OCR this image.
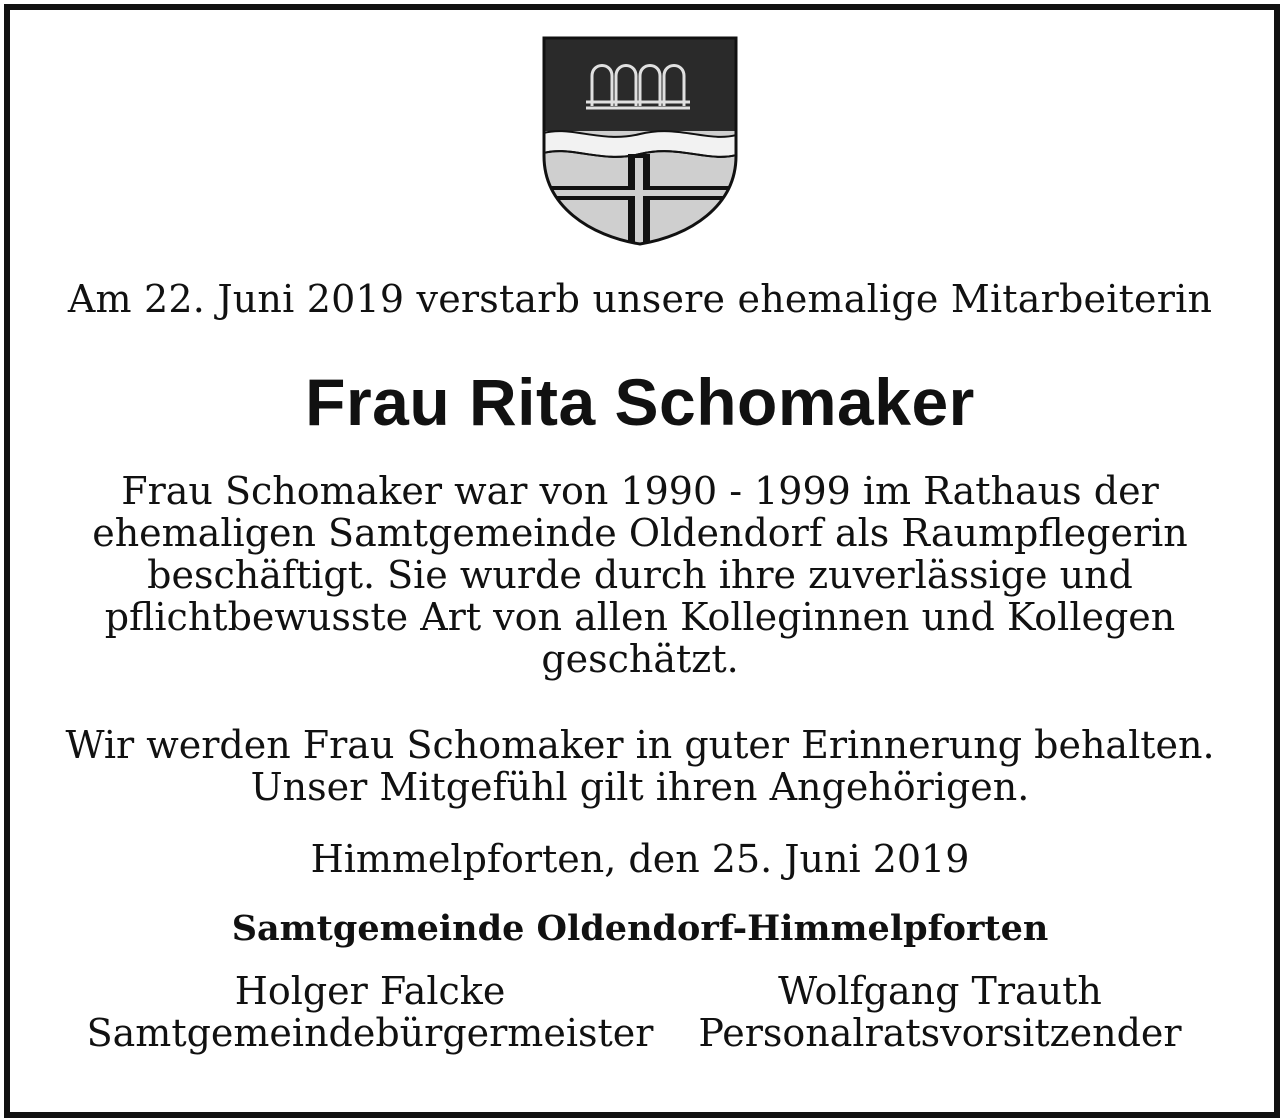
Am 22. Juni 2019 verstarb unsere ehemalige Mitarbeiterin
Frau Rita Schomaker
Frau Schomaker war von 1990 - 1999 im Rathaus der
ehemaligen Samtgemeinde Oldendorf als Raumpflegerin
beschäftigt. Sie wurde durch ihre zuverlässige und
pflichtbewusste Art von allen Kolleginnen und Kollegen
geschätzt.
Wir werden Frau Schomaker in guter Erinnerung behalten.
Unser Mitgefühl gilt ihren Angehörigen.
Himmelpforten, den 25. Juni 2019
Samtgemeinde Oldendorf-Himmelpforten
Holger Falcke
Samtgemeindebürgermeister
Wolfgang Trauth
Personalratsvorsitzender
